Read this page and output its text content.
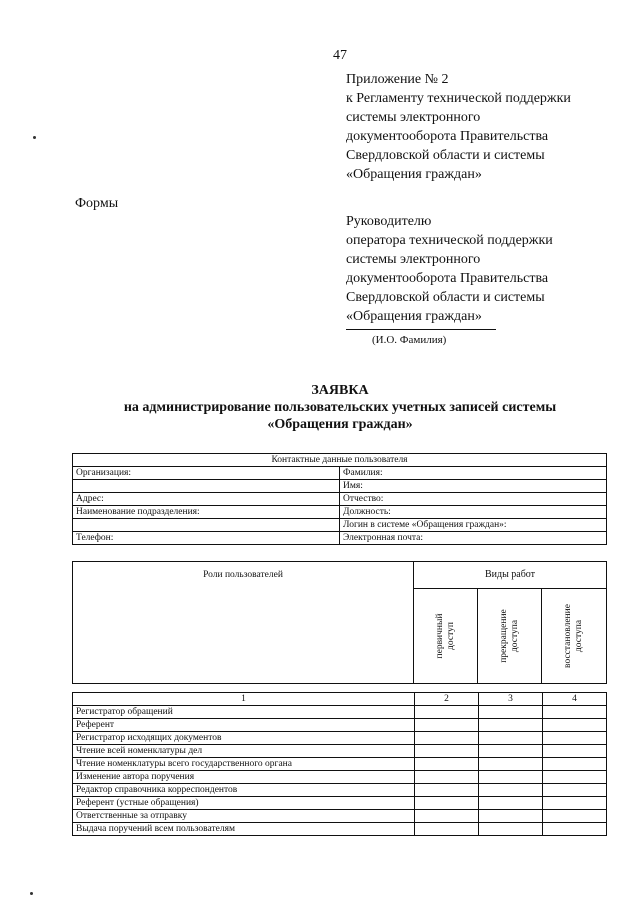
47
Приложение № 2
к Регламенту технической поддержки
системы электронного
документооборота Правительства
Свердловской области и системы
«Обращения граждан»
Формы
Руководителю
оператора технической поддержки
системы электронного
документооборота Правительства
Свердловской области и системы
«Обращения граждан»
(И.О. Фамилия)
ЗАЯВКА
на администрирование пользовательских учетных записей системы
«Обращения граждан»
Контактные данные пользователя	
Организация:	Фамилия:
	Имя:
Адрес:	Отчество:
Наименование подразделения:	Должность:
	Логин в системе «Обращения граждан»:
Телефон:	Электронная почта:
Роли пользователей	Виды работ
первичный доступ	прекращение доступа	восстановление доступа
1	2	3	4
Регистратор обращений			
Референт			
Регистратор исходящих документов			
Чтение всей номенклатуры дел			
Чтение номенклатуры всего государственного органа			
Изменение автора поручения			
Редактор справочника корреспондентов			
Референт (устные обращения)			
Ответственные за отправку			
Выдача поручений всем пользователям			
